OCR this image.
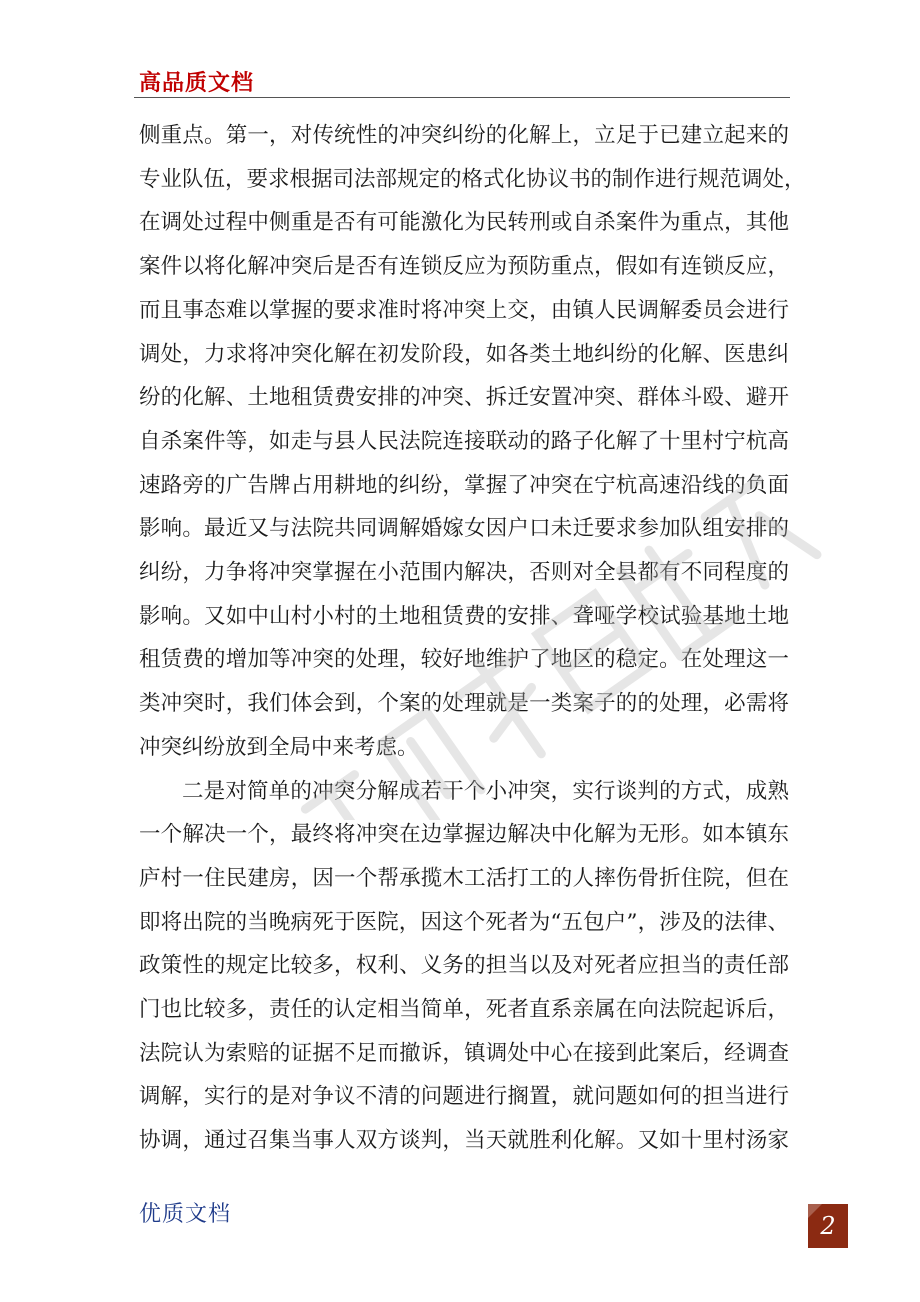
高品质文档
侧重点。第一，对传统性的冲突纠纷的化解上，立足于已建立起来的
专业队伍，要求根据司法部规定的格式化协议书的制作进行规范调处，
在调处过程中侧重是否有可能激化为民转刑或自杀案件为重点，其他
案件以将化解冲突后是否有连锁反应为预防重点，假如有连锁反应，
而且事态难以掌握的要求准时将冲突上交，由镇人民调解委员会进行
调处，力求将冲突化解在初发阶段，如各类土地纠纷的化解、医患纠
纷的化解、土地租赁费安排的冲突、拆迁安置冲突、群体斗殴、避开
自杀案件等，如走与县人民法院连接联动的路子化解了十里村宁杭高
速路旁的广告牌占用耕地的纠纷，掌握了冲突在宁杭高速沿线的负面
影响。最近又与法院共同调解婚嫁女因户口未迁要求参加队组安排的
纠纷，力争将冲突掌握在小范围内解决，否则对全县都有不同程度的
影响。又如中山村小村的土地租赁费的安排、聋哑学校试验基地土地
租赁费的增加等冲突的处理，较好地维护了地区的稳定。在处理这一
类冲突时，我们体会到，个案的处理就是一类案子的的处理，必需将
冲突纠纷放到全局中来考虑。
二是对简单的冲突分解成若干个小冲突，实行谈判的方式，成熟
一个解决一个，最终将冲突在边掌握边解决中化解为无形。如本镇东
庐村一住民建房，因一个帮承揽木工活打工的人摔伤骨折住院，但在
即将出院的当晚病死于医院，因这个死者为“五包户”，涉及的法律、
政策性的规定比较多，权利、义务的担当以及对死者应担当的责任部
门也比较多，责任的认定相当简单，死者直系亲属在向法院起诉后，
法院认为索赔的证据不足而撤诉，镇调处中心在接到此案后，经调查
调解，实行的是对争议不清的问题进行搁置，就问题如何的担当进行
协调，通过召集当事人双方谈判，当天就胜利化解。又如十里村汤家
优质文档	2
